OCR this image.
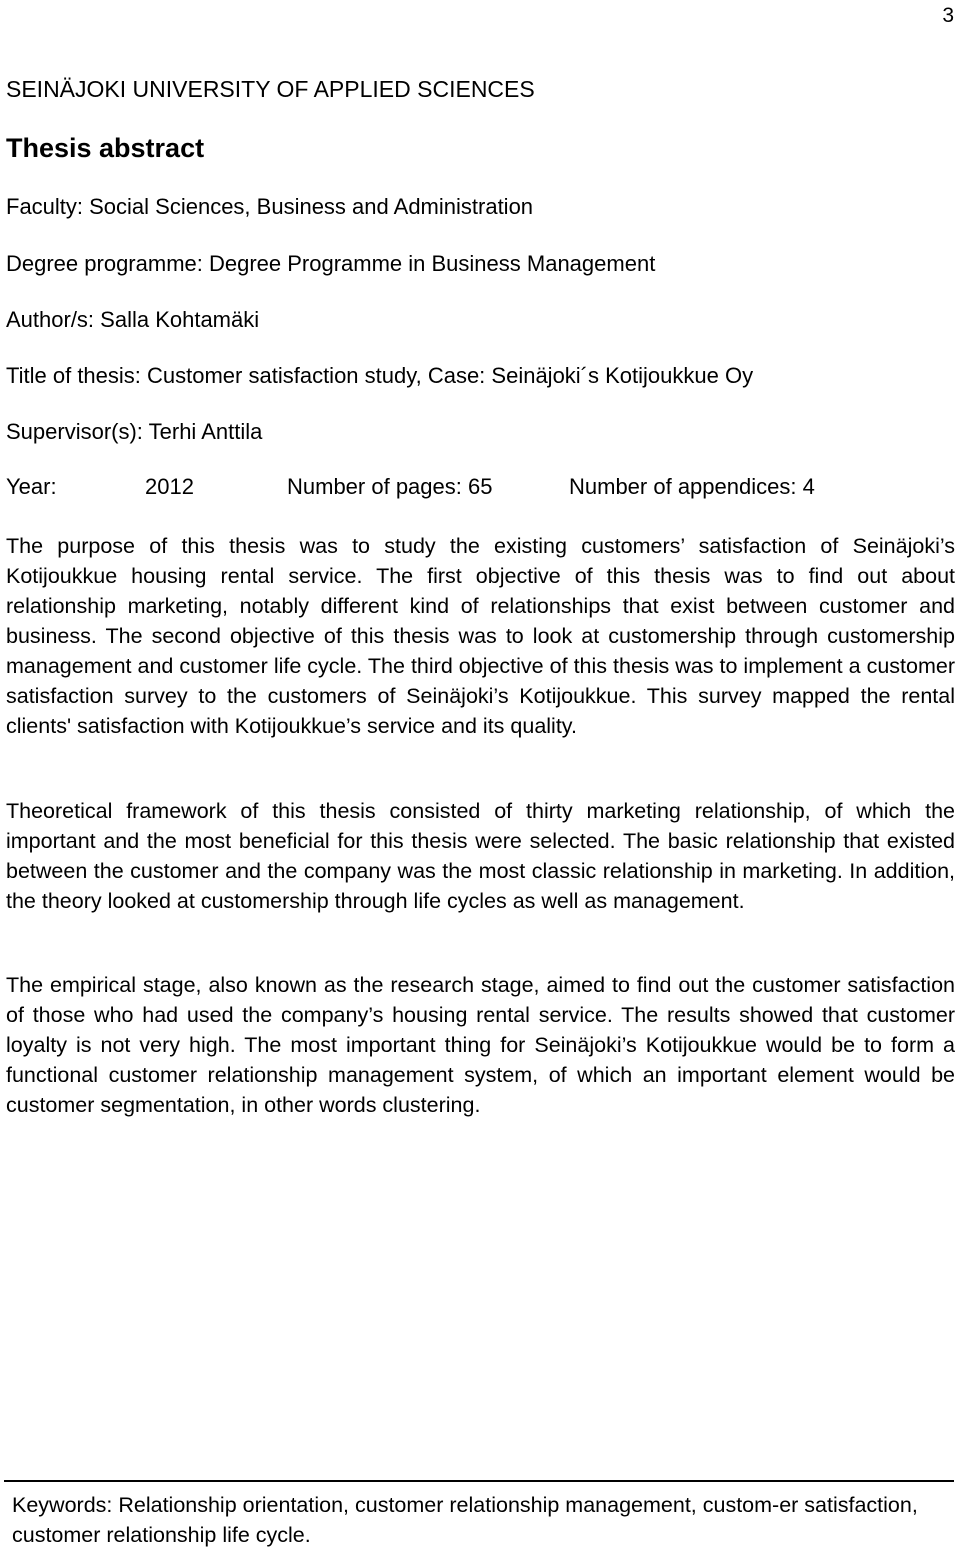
3
SEINÄJOKI UNIVERSITY OF APPLIED SCIENCES
Thesis abstract
Faculty: Social Sciences, Business and Administration
Degree programme: Degree Programme in Business Management
Author/s: Salla Kohtamäki
Title of thesis: Customer satisfaction study, Case: Seinäjoki´s Kotijoukkue Oy
Supervisor(s): Terhi Anttila
Year:	2012	Number of pages: 65	Number of appendices: 4

The purpose of this thesis was to study the existing customers’ satisfaction of Seinäjoki’s Kotijoukkue housing rental service. The first objective of this thesis was to find out about relationship marketing, notably different kind of relationships that exist between customer and business. The second objective of this thesis was to look at customership through customership management and customer life cycle. The third objective of this thesis was to implement a customer satisfaction survey to the customers of Seinäjoki’s Kotijoukkue. This survey mapped the rental clients' satisfaction with Kotijoukkue’s service and its quality.

Theoretical framework of this thesis consisted of thirty marketing relationship, of which the important and the most beneficial for this thesis were selected. The basic relationship that existed between the customer and the company was the most classic relationship in marketing. In addition, the theory looked at customership through life cycles as well as management.

The empirical stage, also known as the research stage, aimed to find out the customer satisfaction of those who had used the company’s housing rental service. The results showed that customer loyalty is not very high. The most important thing for Seinäjoki’s Kotijoukkue would be to form a functional customer relationship management system, of which an important element would be customer segmentation, in other words clustering.

Keywords: Relationship orientation, customer relationship management, custom-er satisfaction, customer relationship life cycle.
